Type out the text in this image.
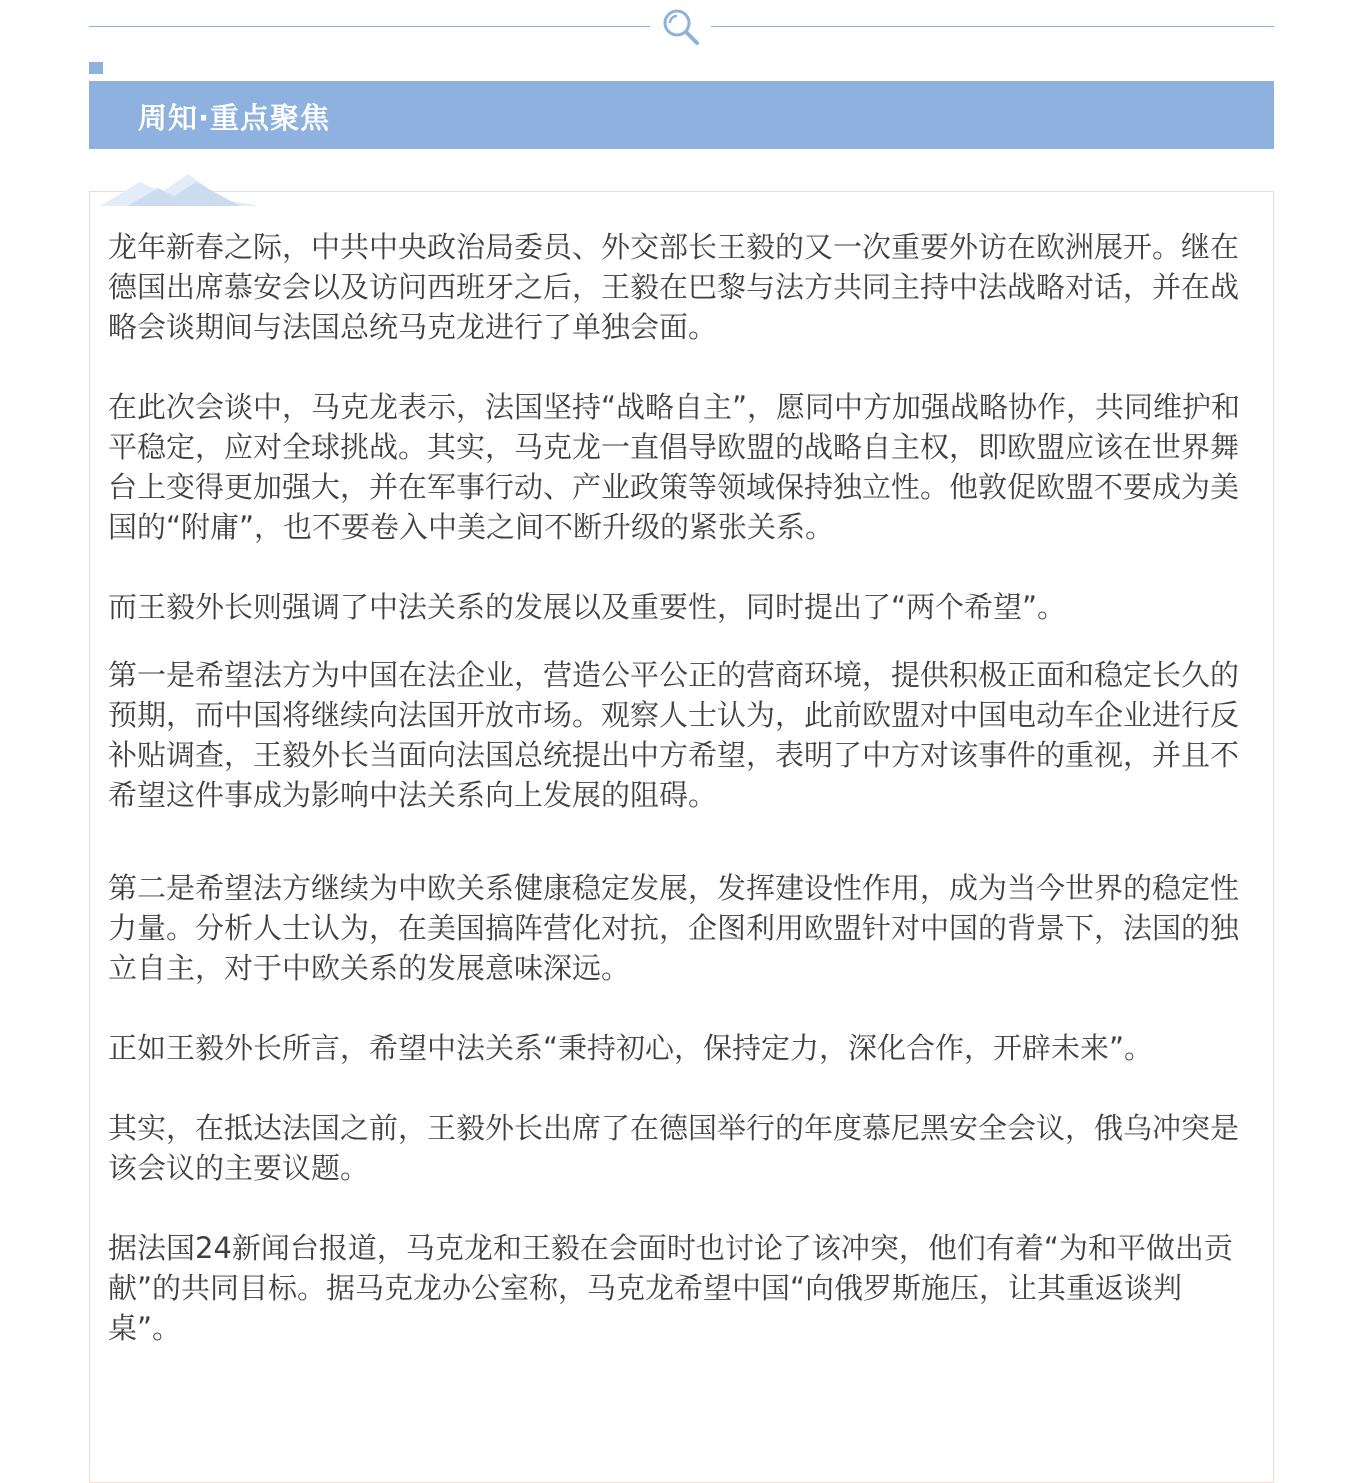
周知·重点聚焦

龙年新春之际，中共中央政治局委员、外交部长王毅的又一次重要外访在欧洲展开。继在德国出席慕安会以及访问西班牙之后，王毅在巴黎与法方共同主持中法战略对话，并在战略会谈期间与法国总统马克龙进行了单独会面。

在此次会谈中，马克龙表示，法国坚持“战略自主”，愿同中方加强战略协作，共同维护和平稳定，应对全球挑战。其实，马克龙一直倡导欧盟的战略自主权，即欧盟应该在世界舞台上变得更加强大，并在军事行动、产业政策等领域保持独立性。他敦促欧盟不要成为美国的“附庸”，也不要卷入中美之间不断升级的紧张关系。

而王毅外长则强调了中法关系的发展以及重要性，同时提出了“两个希望”。

第一是希望法方为中国在法企业，营造公平公正的营商环境，提供积极正面和稳定长久的预期，而中国将继续向法国开放市场。观察人士认为，此前欧盟对中国电动车企业进行反补贴调查，王毅外长当面向法国总统提出中方希望，表明了中方对该事件的重视，并且不希望这件事成为影响中法关系向上发展的阻碍。

第二是希望法方继续为中欧关系健康稳定发展，发挥建设性作用，成为当今世界的稳定性力量。分析人士认为，在美国搞阵营化对抗，企图利用欧盟针对中国的背景下，法国的独立自主，对于中欧关系的发展意味深远。

正如王毅外长所言，希望中法关系“秉持初心，保持定力，深化合作，开辟未来”。

其实，在抵达法国之前，王毅外长出席了在德国举行的年度慕尼黑安全会议，俄乌冲突是该会议的主要议题。

据法国24新闻台报道，马克龙和王毅在会面时也讨论了该冲突，他们有着“为和平做出贡献”的共同目标。据马克龙办公室称，马克龙希望中国“向俄罗斯施压，让其重返谈判桌”。
